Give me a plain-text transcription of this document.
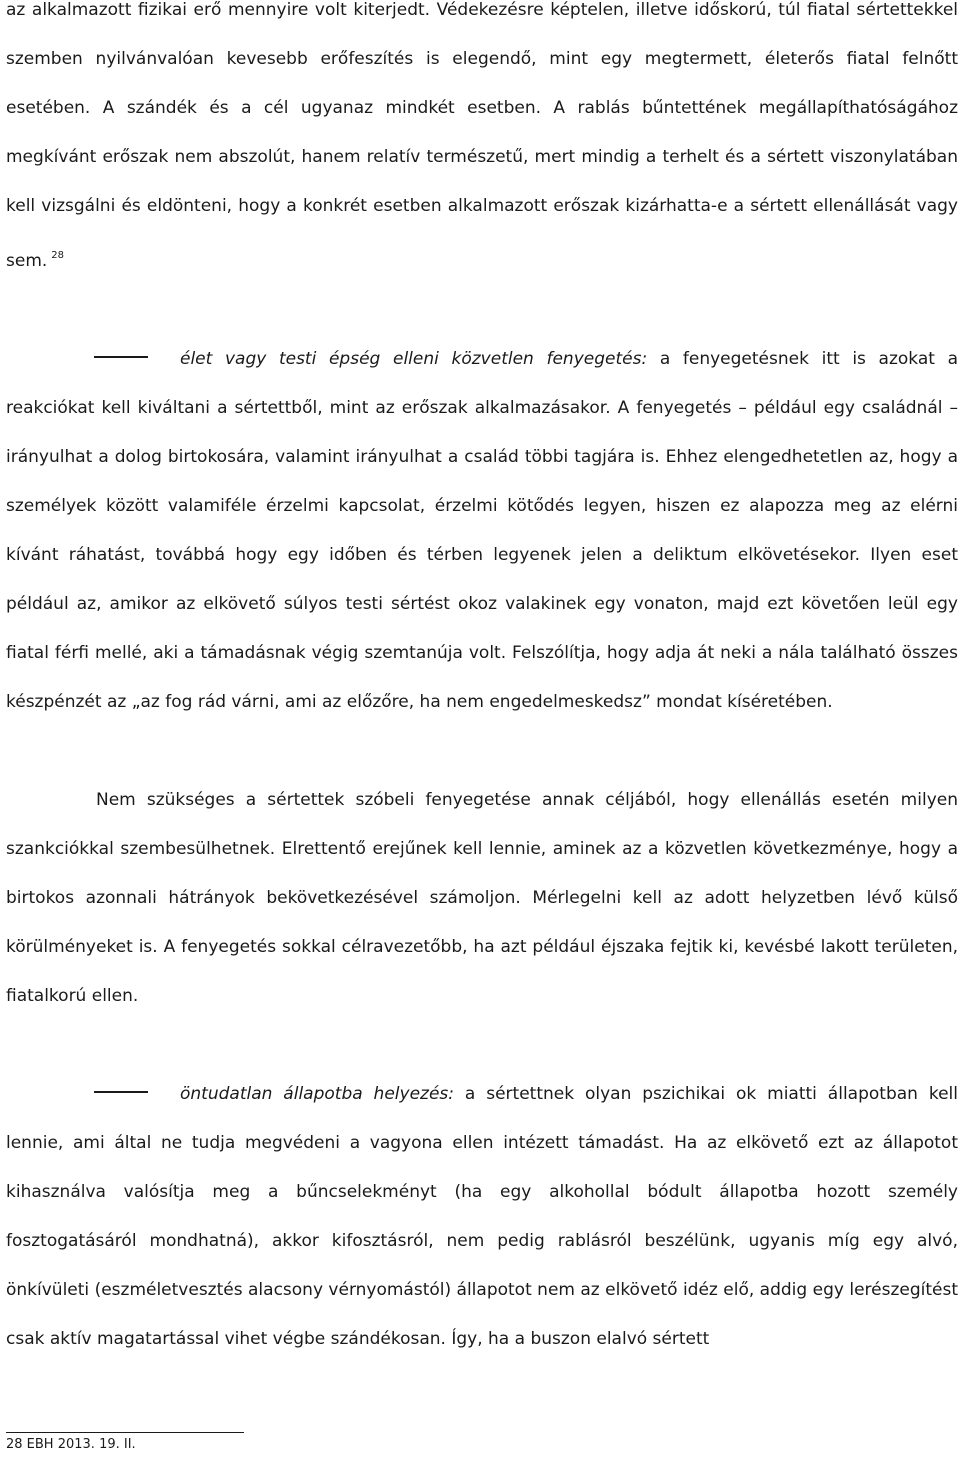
az alkalmazott fizikai erő mennyire volt kiterjedt. Védekezésre képtelen, illetve időskorú, túl fiatal sértettekkel szemben nyilvánvalóan kevesebb erőfeszítés is elegendő, mint egy megtermett, életerős fiatal felnőtt esetében. A szándék és a cél ugyanaz mindkét esetben. A rablás bűntettének megállapíthatóságához megkívánt erőszak nem abszolút, hanem relatív természetű, mert mindig a terhelt és a sértett viszonylatában kell vizsgálni és eldönteni, hogy a konkrét esetben alkalmazott erőszak kizárhatta-e a sértett ellenállását vagy sem. $^{28}$

élet vagy testi épség elleni közvetlen fenyegetés: a fenyegetésnek itt is azokat a reakciókat kell kiváltani a sértettből, mint az erőszak alkalmazásakor. A fenyegetés – például egy családnál – irányulhat a dolog birtokosára, valamint irányulhat a család többi tagjára is. Ehhez elengedhetetlen az, hogy a személyek között valamiféle érzelmi kapcsolat, érzelmi kötődés legyen, hiszen ez alapozza meg az elérni kívánt ráhatást, továbbá hogy egy időben és térben legyenek jelen a deliktum elkövetésekor. Ilyen eset például az, amikor az elkövető súlyos testi sértést okoz valakinek egy vonaton, majd ezt követően leül egy fiatal férfi mellé, aki a támadásnak végig szemtanúja volt. Felszólítja, hogy adja át neki a nála található összes készpénzét az „az fog rád várni, ami az előzőre, ha nem engedelmeskedsz” mondat kíséretében.

Nem szükséges a sértettek szóbeli fenyegetése annak céljából, hogy ellenállás esetén milyen szankciókkal szembesülhetnek. Elrettentő erejűnek kell lennie, aminek az a közvetlen következménye, hogy a birtokos azonnali hátrányok bekövetkezésével számoljon. Mérlegelni kell az adott helyzetben lévő külső körülményeket is. A fenyegetés sokkal célravezetőbb, ha azt például éjszaka fejtik ki, kevésbé lakott területen, fiatalkorú ellen.

öntudatlan állapotba helyezés: a sértettnek olyan pszichikai ok miatti állapotban kell lennie, ami által ne tudja megvédeni a vagyona ellen intézett támadást. Ha az elkövető ezt az állapotot kihasználva valósítja meg a bűncselekményt (ha egy alkohollal bódult állapotba hozott személy fosztogatásáról mondhatná), akkor kifosztásról, nem pedig rablásról beszélünk, ugyanis míg egy alvó, önkívületi (eszméletvesztés alacsony vérnyomástól) állapotot nem az elkövető idéz elő, addig egy lerészegítést csak aktív magatartással vihet végbe szándékosan. Így, ha a buszon elalvó sértett

28 EBH 2013. 19. II.
